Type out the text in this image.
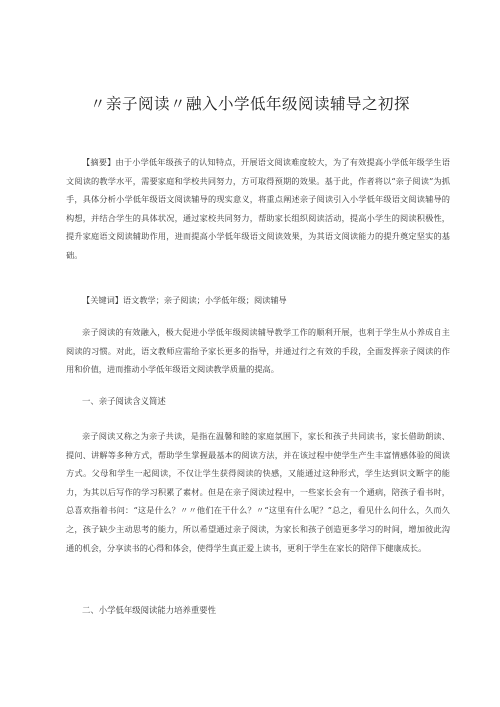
〃亲子阅读〃融入小学低年级阅读辅导之初探

【摘要】由于小学低年级孩子的认知特点，开展语文阅读难度较大，为了有效提高小学低年级学生语文阅读的教学水平，需要家庭和学校共同努力，方可取得预期的效果。基于此，作者将以“亲子阅读”为抓手，具体分析小学低年级语文阅读辅导的现实意义，将重点阐述亲子阅读引入小学低年级语文阅读辅导的构想，并结合学生的具体状况，通过家校共同努力，帮助家长组织阅读活动，提高小学生的阅读积极性，提升家庭语文阅读辅助作用，进而提高小学低年级语文阅读效果，为其语文阅读能力的提升奠定坚实的基础。

【关键词】语文教学；亲子阅读；小学低年级；阅读辅导

亲子阅读的有效融入，极大促进小学低年级阅读辅导教学工作的顺利开展，也利于学生从小养成自主阅读的习惯。对此，语文教师应需给予家长更多的指导，并通过行之有效的手段，全面发挥亲子阅读的作用和价值，进而推动小学低年级语文阅读教学质量的提高。

一、亲子阅读含义简述

亲子阅读又称之为亲子共读，是指在温馨和睦的家庭氛围下，家长和孩子共同读书，家长借助朗读、提问、讲解等多种方式，帮助学生掌握最基本的阅读方法，并在该过程中使学生产生丰富情感体验的阅读方式。父母和学生一起阅读，不仅让学生获得阅读的快感，又能通过这种形式，学生达到识文断字的能力，为其以后写作的学习积累了素材。但是在亲子阅读过程中，一些家长会有一个通病，陪孩子看书时，总喜欢指着书问：“这是什么？〃〃他们在干什么？〃“这里有什么呢？”总之，看见什么问什么，久而久之，孩子缺少主动思考的能力，所以希望通过亲子阅读，为家长和孩子创造更多学习的时间，增加彼此沟通的机会，分享读书的心得和体会，使得学生真正爱上读书，更利于学生在家长的陪伴下健康成长。

二、小学低年级阅读能力培养重要性
